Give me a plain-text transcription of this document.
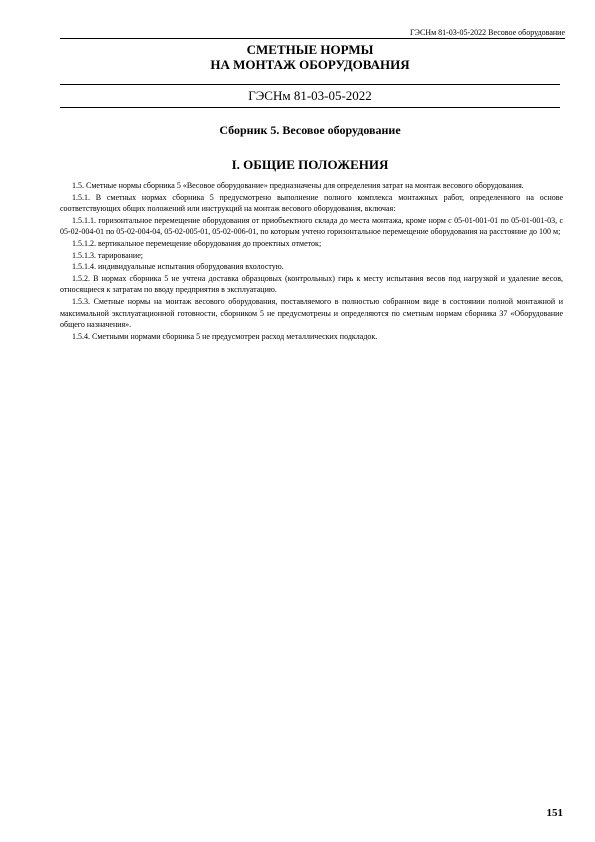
ГЭСНм 81-03-05-2022 Весовое оборудование
СМЕТНЫЕ НОРМЫ
НА МОНТАЖ ОБОРУДОВАНИЯ
ГЭСНм 81-03-05-2022
Сборник 5. Весовое оборудование
I. ОБЩИЕ ПОЛОЖЕНИЯ

1.5. Сметные нормы сборника 5 «Весовое оборудование» предназначены для определения затрат на монтаж весового оборудования.

1.5.1. В сметных нормах сборника 5 предусмотрено выполнение полного комплекса монтажных работ, определенного на основе соответствующих общих положений или инструкций на монтаж весового оборудования, включая:

1.5.1.1. горизонтальное перемещение оборудования от приобъектного склада до места монтажа, кроме норм с 05-01-001-01 по 05-01-001-03, с 05-02-004-01 по 05-02-004-04, 05-02-005-01, 05-02-006-01, по которым учтено горизонтальное перемещение оборудования на расстояние до 100 м;

1.5.1.2. вертикальное перемещение оборудования до проектных отметок;

1.5.1.3. тарирование;

1.5.1.4. индивидуальные испытания оборудования вхолостую.

1.5.2. В нормах сборника 5 не учтена доставка образцовых (контрольных) гирь к месту испытания весов под нагрузкой и удаление весов, относящиеся к затратам по вводу предприятия в эксплуатацию.

1.5.3. Сметные нормы на монтаж весового оборудования, поставляемого в полностью собранном виде в состоянии полной монтажной и максимальной эксплуатационной готовности, сборником 5 не предусмотрены и определяются по сметным нормам сборника 37 «Оборудование общего назначения».

1.5.4. Сметными нормами сборника 5 не предусмотрен расход металлических подкладок.

151
